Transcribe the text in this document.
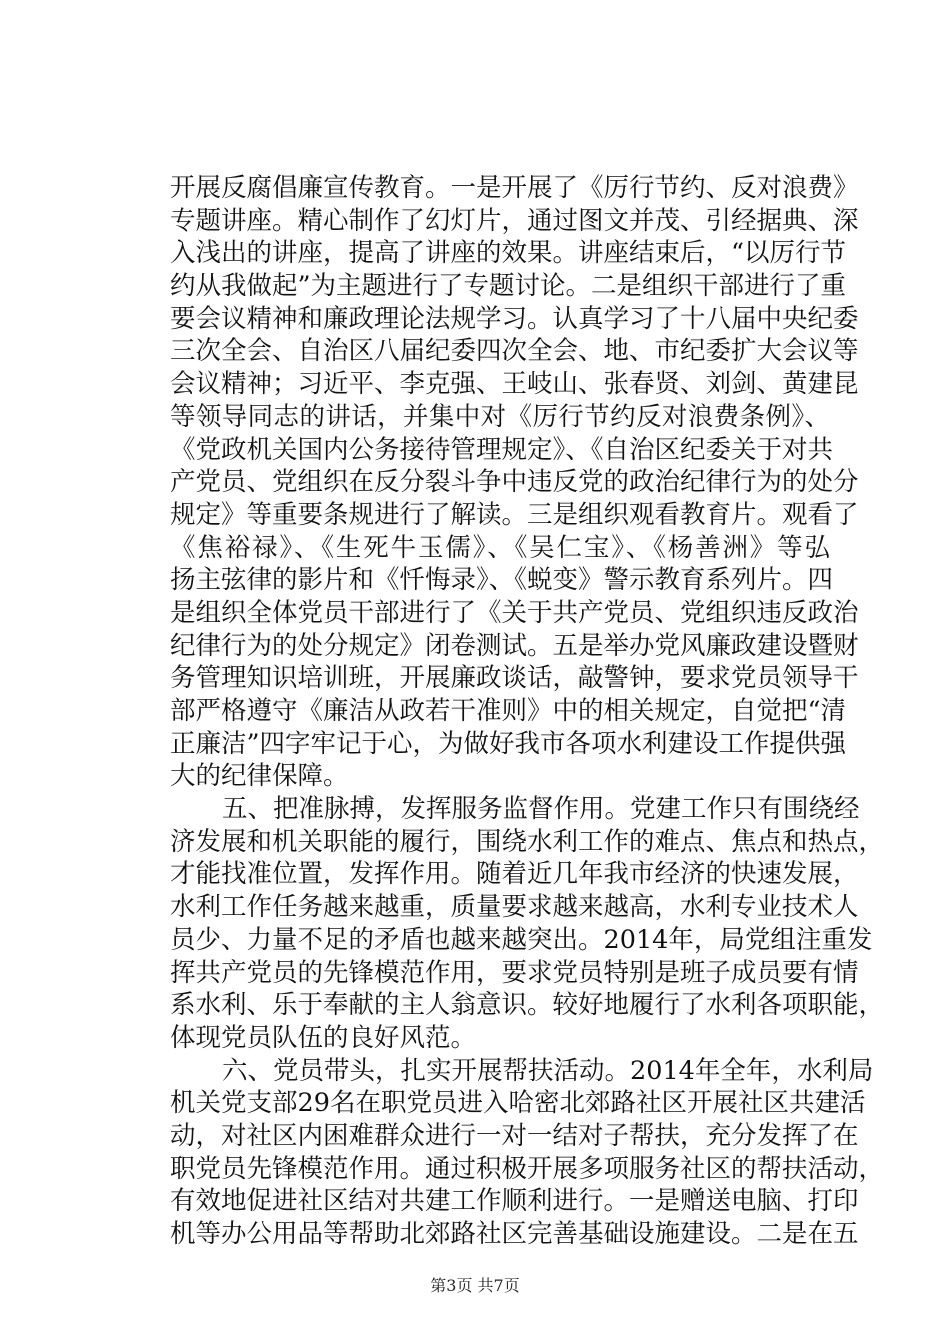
开展反腐倡廉宣传教育。一是开展了《厉行节约、反对浪费》
专题讲座。精心制作了幻灯片，通过图文并茂、引经据典、深
入浅出的讲座，提高了讲座的效果。讲座结束后，“以厉行节
约从我做起”为主题进行了专题讨论。二是组织干部进行了重
要会议精神和廉政理论法规学习。认真学习了十八届中央纪委
三次全会、自治区八届纪委四次全会、地、市纪委扩大会议等
会议精神；习近平、李克强、王岐山、张春贤、刘剑、黄建昆
等领导同志的讲话，并集中对《厉行节约反对浪费条例》、
《党政机关国内公务接待管理规定》、《自治区纪委关于对共
产党员、党组织在反分裂斗争中违反党的政治纪律行为的处分
规定》等重要条规进行了解读。三是组织观看教育片。观看了
《焦裕禄》、《生死牛玉儒》、《吴仁宝》、《杨善洲》等弘
扬主弦律的影片和《忏悔录》、《蜕变》警示教育系列片。四
是组织全体党员干部进行了《关于共产党员、党组织违反政治
纪律行为的处分规定》闭卷测试。五是举办党风廉政建设暨财
务管理知识培训班，开展廉政谈话，敲警钟，要求党员领导干
部严格遵守《廉洁从政若干准则》中的相关规定，自觉把“清
正廉洁”四字牢记于心，为做好我市各项水利建设工作提供强
大的纪律保障。
五、把准脉搏，发挥服务监督作用。党建工作只有围绕经
济发展和机关职能的履行，围绕水利工作的难点、焦点和热点，
才能找准位置，发挥作用。随着近几年我市经济的快速发展，
水利工作任务越来越重，质量要求越来越高，水利专业技术人
员少、力量不足的矛盾也越来越突出。2014年，局党组注重发
挥共产党员的先锋模范作用，要求党员特别是班子成员要有情
系水利、乐于奉献的主人翁意识。较好地履行了水利各项职能，
体现党员队伍的良好风范。
六、党员带头，扎实开展帮扶活动。2014年全年，水利局
机关党支部29名在职党员进入哈密北郊路社区开展社区共建活
动，对社区内困难群众进行一对一结对子帮扶，充分发挥了在
职党员先锋模范作用。通过积极开展多项服务社区的帮扶活动，
有效地促进社区结对共建工作顺利进行。一是赠送电脑、打印
机等办公用品等帮助北郊路社区完善基础设施建设。二是在五
第3页 共7页
